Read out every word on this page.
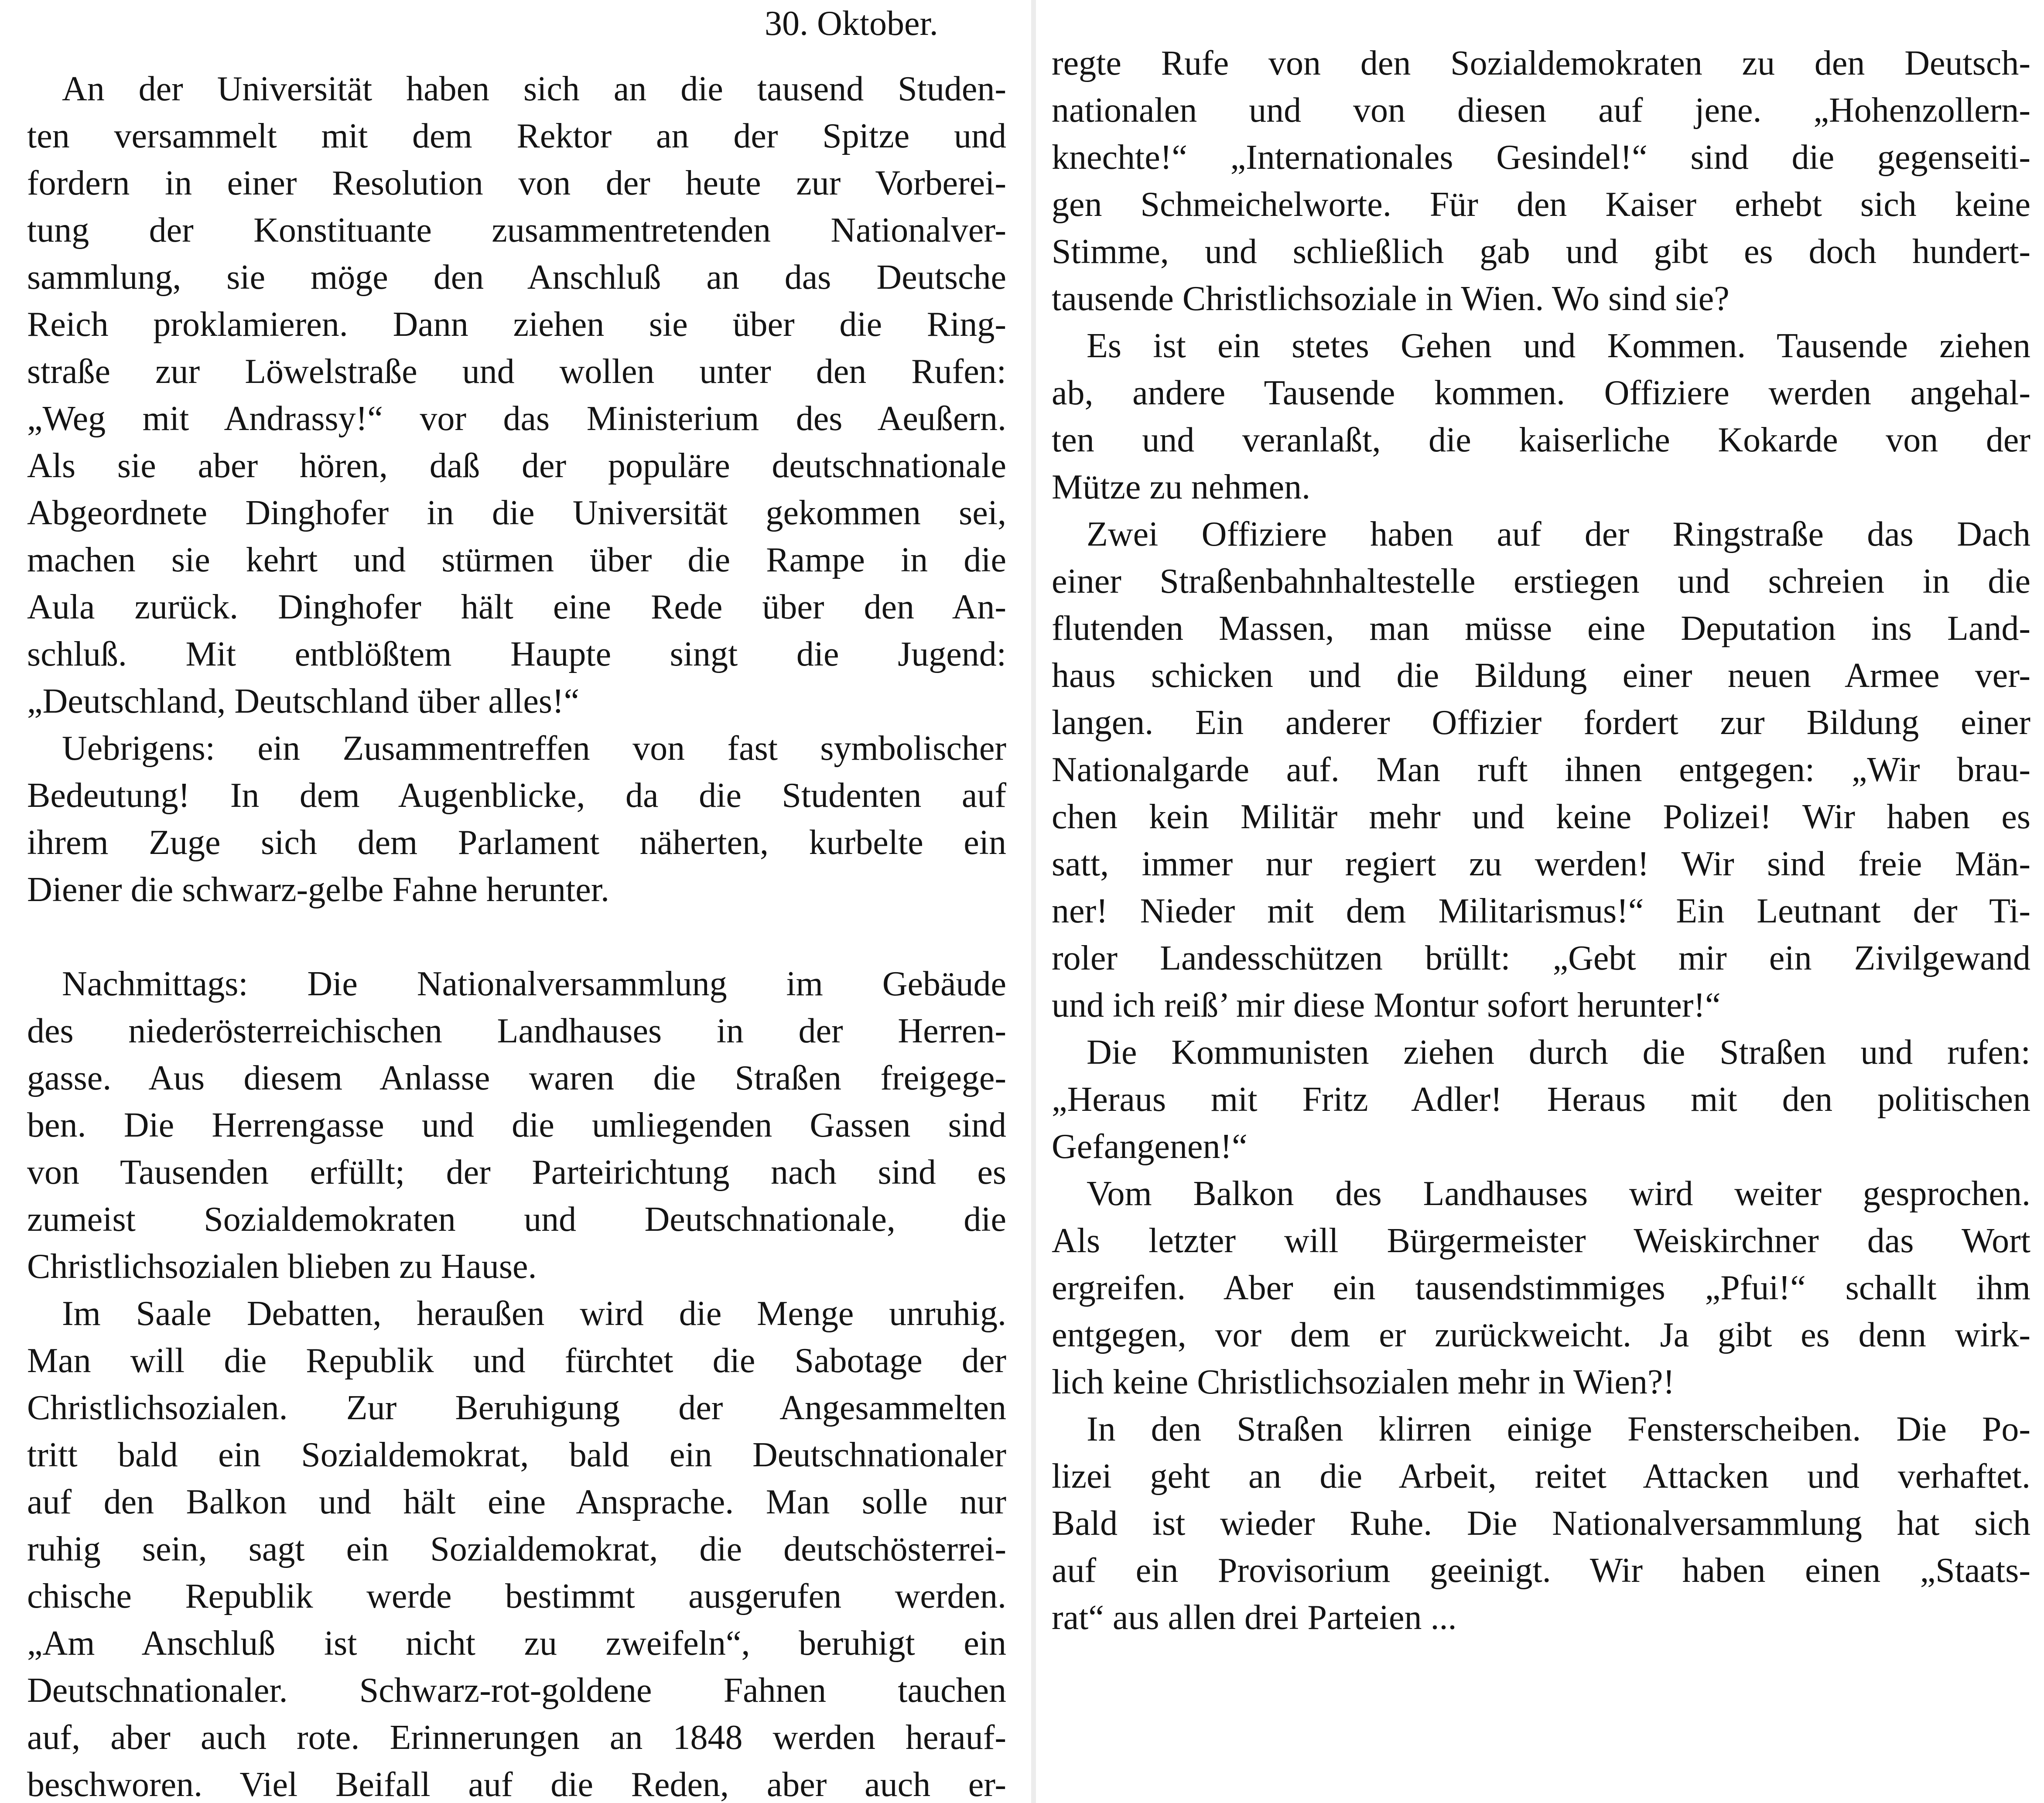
30. Oktober.
An der Universität haben sich an die tausend Studen-
ten versammelt mit dem Rektor an der Spitze und
fordern in einer Resolution von der heute zur Vorberei-
tung der Konstituante zusammentretenden Nationalver-
sammlung, sie möge den Anschluß an das Deutsche
Reich proklamieren. Dann ziehen sie über die Ring-
straße zur Löwelstraße und wollen unter den Rufen:
„Weg mit Andrassy!“ vor das Ministerium des Aeußern.
Als sie aber hören, daß der populäre deutschnationale
Abgeordnete Dinghofer in die Universität gekommen sei,
machen sie kehrt und stürmen über die Rampe in die
Aula zurück. Dinghofer hält eine Rede über den An-
schluß. Mit entblößtem Haupte singt die Jugend:
„Deutschland, Deutschland über alles!“
Uebrigens: ein Zusammentreffen von fast symbolischer
Bedeutung! In dem Augenblicke, da die Studenten auf
ihrem Zuge sich dem Parlament näherten, kurbelte ein
Diener die schwarz-gelbe Fahne herunter.
Nachmittags: Die Nationalversammlung im Gebäude
des niederösterreichischen Landhauses in der Herren-
gasse. Aus diesem Anlasse waren die Straßen freigege-
ben. Die Herrengasse und die umliegenden Gassen sind
von Tausenden erfüllt; der Parteirichtung nach sind es
zumeist Sozialdemokraten und Deutschnationale, die
Christlichsozialen blieben zu Hause.
Im Saale Debatten, heraußen wird die Menge unruhig.
Man will die Republik und fürchtet die Sabotage der
Christlichsozialen. Zur Beruhigung der Angesammelten
tritt bald ein Sozialdemokrat, bald ein Deutschnationaler
auf den Balkon und hält eine Ansprache. Man solle nur
ruhig sein, sagt ein Sozialdemokrat, die deutschösterrei-
chische Republik werde bestimmt ausgerufen werden.
„Am Anschluß ist nicht zu zweifeln“, beruhigt ein
Deutschnationaler. Schwarz-rot-goldene Fahnen tauchen
auf, aber auch rote. Erinnerungen an 1848 werden herauf-
beschworen. Viel Beifall auf die Reden, aber auch er-
regte Rufe von den Sozialdemokraten zu den Deutsch-
nationalen und von diesen auf jene. „Hohenzollern-
knechte!“ „Internationales Gesindel!“ sind die gegenseiti-
gen Schmeichelworte. Für den Kaiser erhebt sich keine
Stimme, und schließlich gab und gibt es doch hundert-
tausende Christlichsoziale in Wien. Wo sind sie?
Es ist ein stetes Gehen und Kommen. Tausende ziehen
ab, andere Tausende kommen. Offiziere werden angehal-
ten und veranlaßt, die kaiserliche Kokarde von der
Mütze zu nehmen.
Zwei Offiziere haben auf der Ringstraße das Dach
einer Straßenbahnhaltestelle erstiegen und schreien in die
flutenden Massen, man müsse eine Deputation ins Land-
haus schicken und die Bildung einer neuen Armee ver-
langen. Ein anderer Offizier fordert zur Bildung einer
Nationalgarde auf. Man ruft ihnen entgegen: „Wir brau-
chen kein Militär mehr und keine Polizei! Wir haben es
satt, immer nur regiert zu werden! Wir sind freie Män-
ner! Nieder mit dem Militarismus!“ Ein Leutnant der Ti-
roler Landesschützen brüllt: „Gebt mir ein Zivilgewand
und ich reiß’ mir diese Montur sofort herunter!“
Die Kommunisten ziehen durch die Straßen und rufen:
„Heraus mit Fritz Adler! Heraus mit den politischen
Gefangenen!“
Vom Balkon des Landhauses wird weiter gesprochen.
Als letzter will Bürgermeister Weiskirchner das Wort
ergreifen. Aber ein tausendstimmiges „Pfui!“ schallt ihm
entgegen, vor dem er zurückweicht. Ja gibt es denn wirk-
lich keine Christlichsozialen mehr in Wien?!
In den Straßen klirren einige Fensterscheiben. Die Po-
lizei geht an die Arbeit, reitet Attacken und verhaftet.
Bald ist wieder Ruhe. Die Nationalversammlung hat sich
auf ein Provisorium geeinigt. Wir haben einen „Staats-
rat“ aus allen drei Parteien ...
